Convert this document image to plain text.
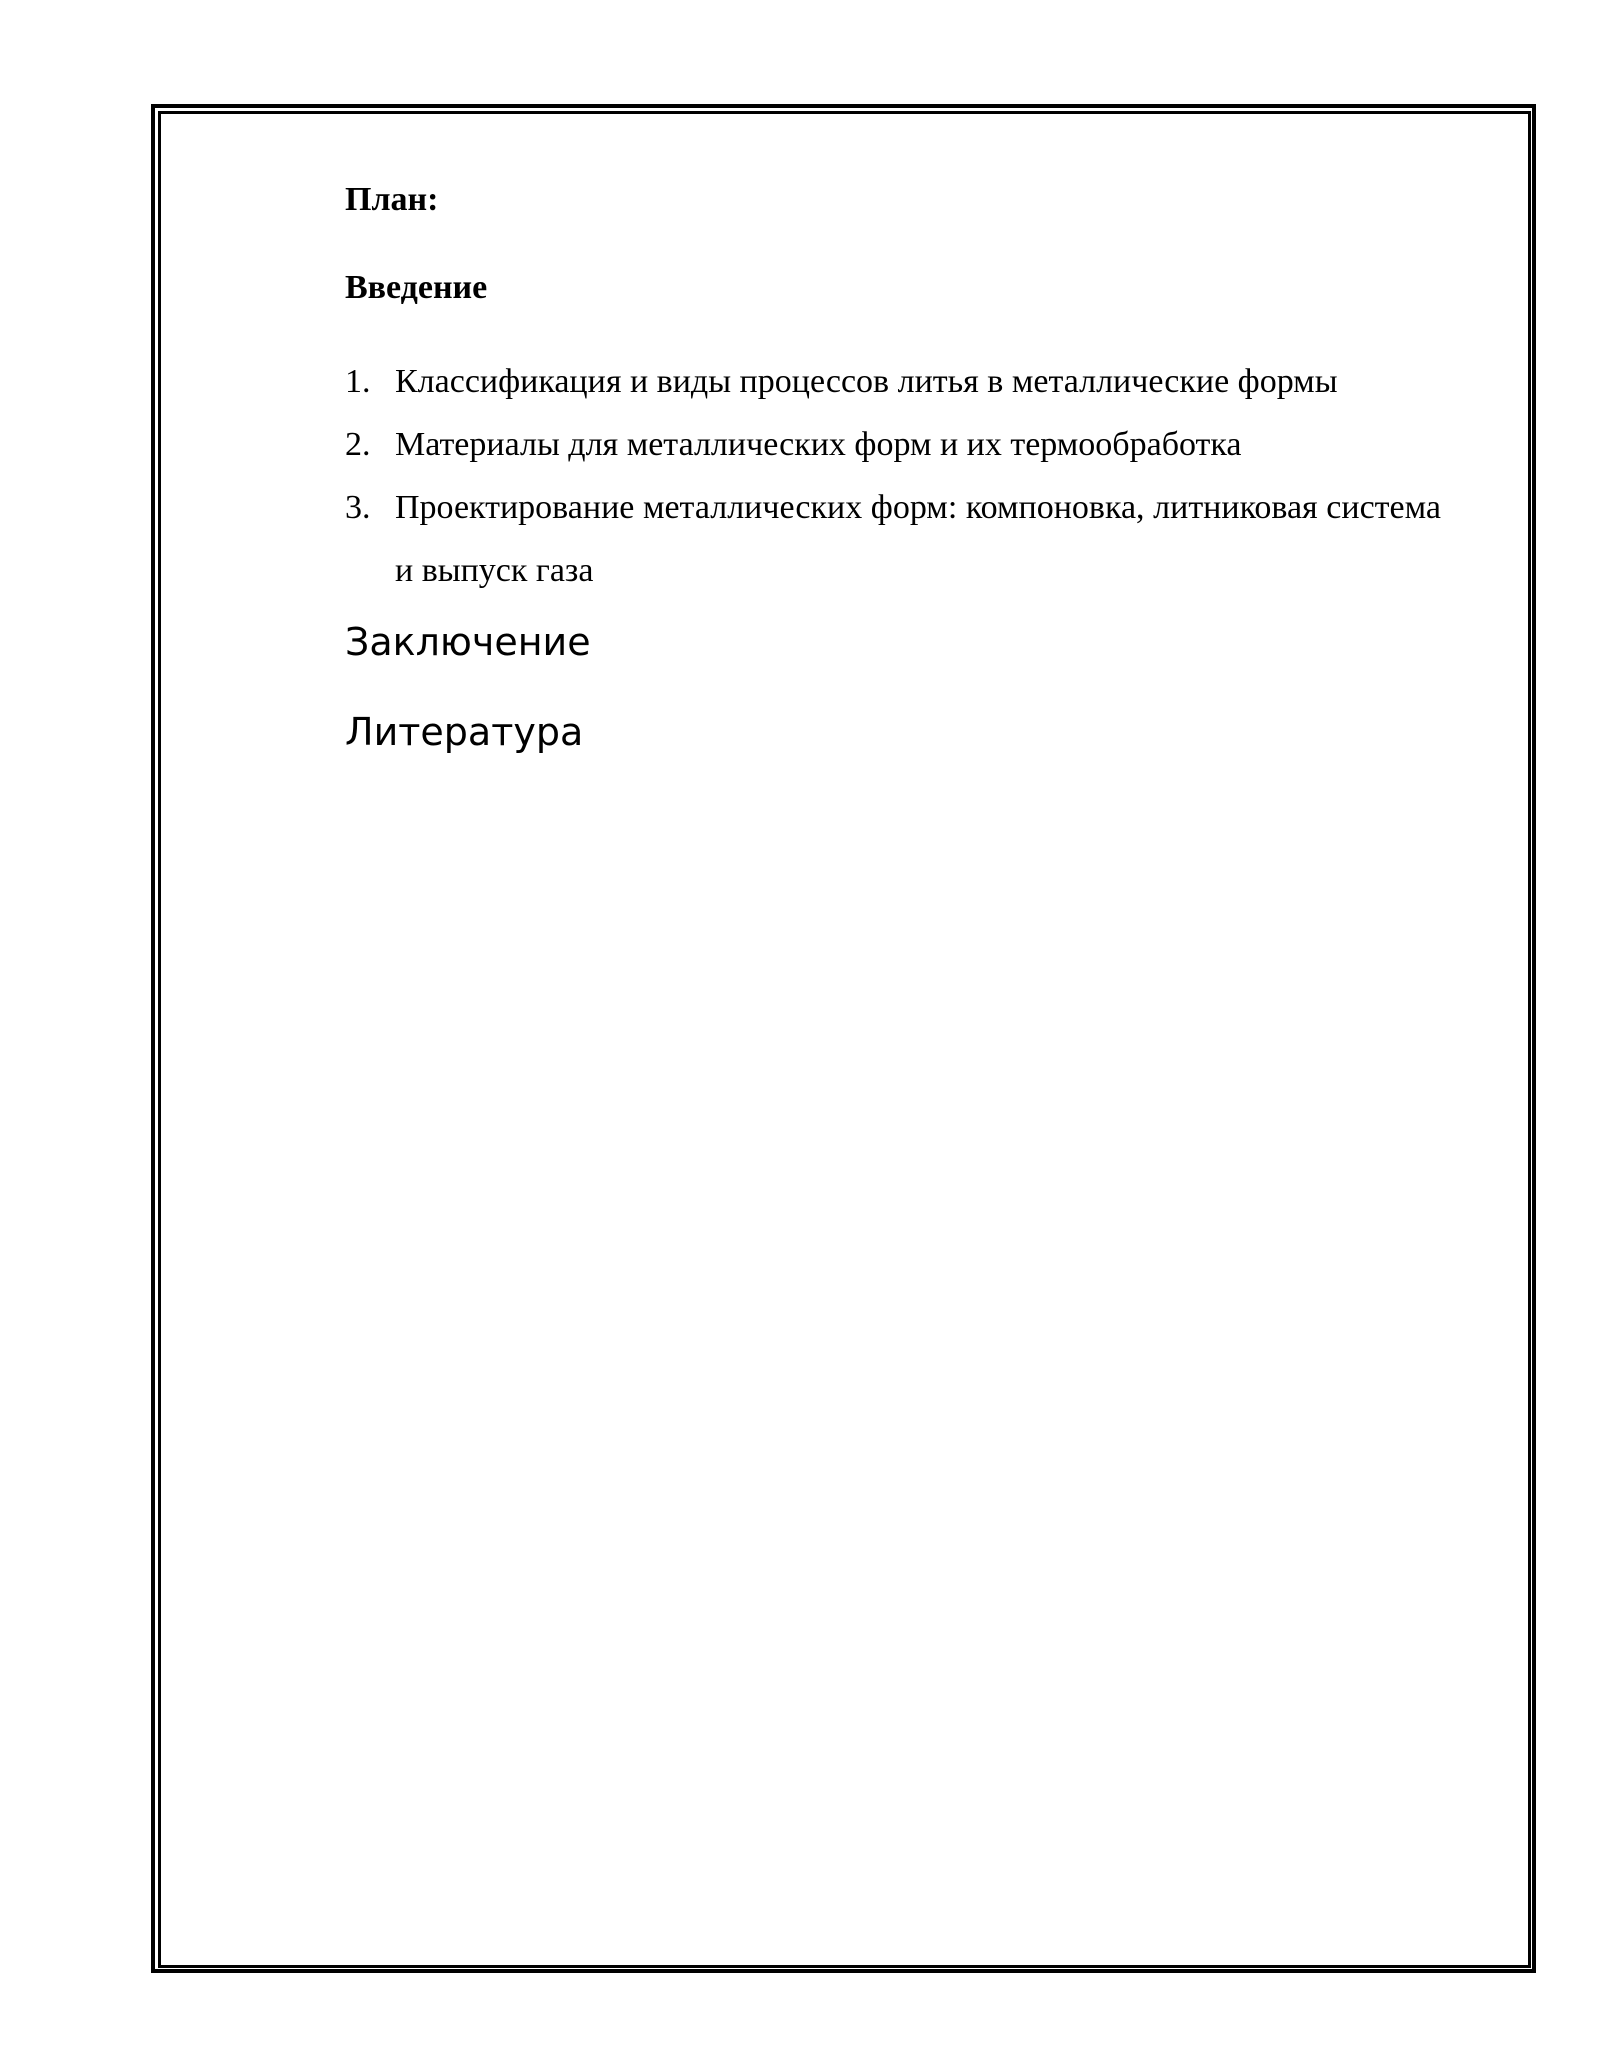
План:

Введение

1. Классификация и виды процессов литья в металлические формы
2. Материалы для металлических форм и их термообработка
3. Проектирование металлических форм: компоновка, литниковая система и выпуск газа

Заключение

Литература
